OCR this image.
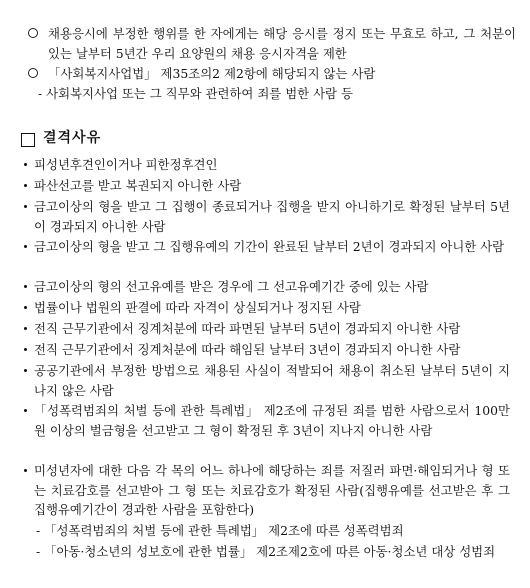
채용응시에 부정한 행위를 한 자에게는 해당 응시를 정지 또는 무효로 하고, 그 처분이 있는 날부터 5년간 우리 요양원의 채용 응시자격을 제한
「사회복지사업법」 제35조의2 제2항에 해당되지 않는 사람
- 사회복지사업 또는 그 직무와 관련하여 죄를 범한 사람 등
결격사유
피성년후견인이거나 피한정후견인
파산선고를 받고 복권되지 아니한 사람
금고이상의 형을 받고 그 집행이 종료되거나 집행을 받지 아니하기로 확정된 날부터 5년이 경과되지 아니한 사람
금고이상의 형을 받고 그 집행유예의 기간이 완료된 날부터 2년이 경과되지 아니한 사람
금고이상의 형의 선고유예를 받은 경우에 그 선고유예기간 중에 있는 사람
법률이나 법원의 판결에 따라 자격이 상실되거나 정지된 사람
전직 근무기관에서 징계처분에 따라 파면된 날부터 5년이 경과되지 아니한 사람
전직 근무기관에서 징계처분에 따라 해임된 날부터 3년이 경과되지 아니한 사람
공공기관에서 부정한 방법으로 채용된 사실이 적발되어 채용이 취소된 날부터 5년이 지나지 않은 사람
「성폭력범죄의 처벌 등에 관한 특례법」 제2조에 규정된 죄를 범한 사람으로서 100만원 이상의 벌금형을 선고받고 그 형이 확정된 후 3년이 지나지 아니한 사람
미성년자에 대한 다음 각 목의 어느 하나에 해당하는 죄를 저질러 파면·해임되거나 형 또는 치료감호를 선고받아 그 형 또는 치료감호가 확정된 사람(집행유예를 선고받은 후 그 집행유예기간이 경과한 사람을 포함한다)
- 「성폭력범죄의 처벌 등에 관한 특례법」 제2조에 따른 성폭력범죄
- 「아동·청소년의 성보호에 관한 법률」 제2조제2호에 따른 아동·청소년 대상 성범죄
